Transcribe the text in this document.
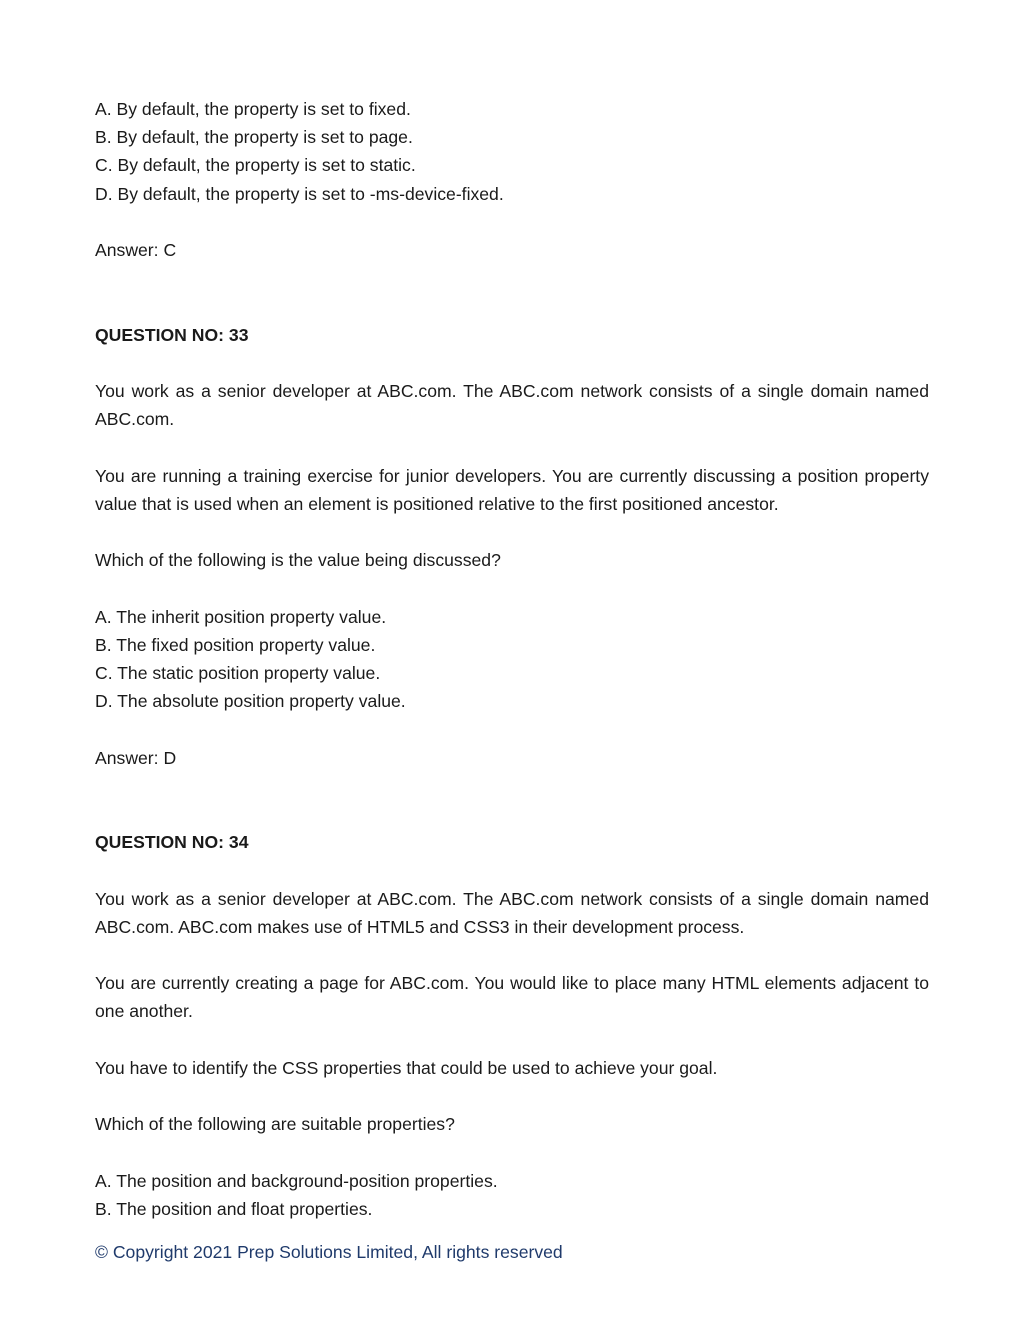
A. By default, the property is set to fixed.
B. By default, the property is set to page.
C. By default, the property is set to static.
D. By default, the property is set to -ms-device-fixed.
Answer: C
QUESTION NO: 33
You work as a senior developer at ABC.com. The ABC.com network consists of a single domain named ABC.com.
You are running a training exercise for junior developers. You are currently discussing a position property value that is used when an element is positioned relative to the first positioned ancestor.
Which of the following is the value being discussed?
A. The inherit position property value.
B. The fixed position property value.
C. The static position property value.
D. The absolute position property value.
Answer: D
QUESTION NO: 34
You work as a senior developer at ABC.com. The ABC.com network consists of a single domain named ABC.com. ABC.com makes use of HTML5 and CSS3 in their development process.
You are currently creating a page for ABC.com. You would like to place many HTML elements adjacent to one another.
You have to identify the CSS properties that could be used to achieve your goal.
Which of the following are suitable properties?
A. The position and background-position properties.
B. The position and float properties.
© Copyright 2021 Prep Solutions Limited, All rights reserved
